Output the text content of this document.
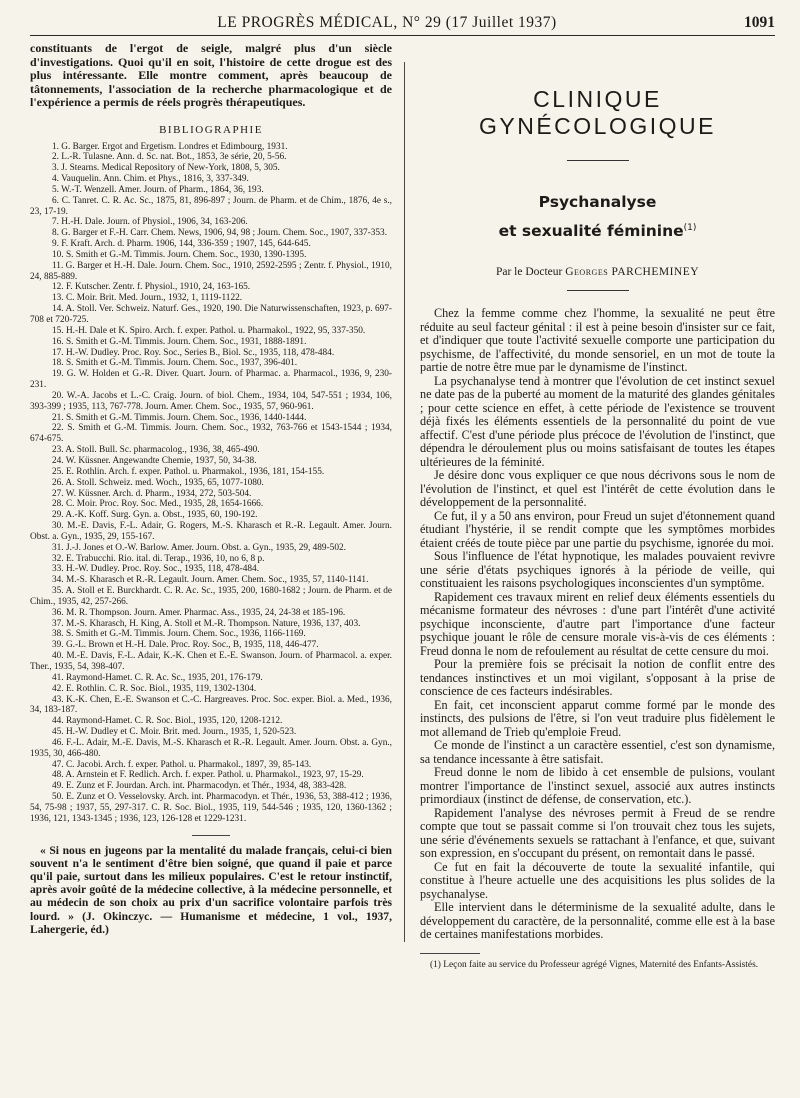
LE PROGRÈS MÉDICAL, N° 29 (17 Juillet 1937)	1091

constituants de l'ergot de seigle, malgré plus d'un siècle d'investigations. Quoi qu'il en soit, l'histoire de cette drogue est des plus intéressante. Elle montre comment, après beaucoup de tâtonnements, l'association de la recherche pharmacologique et de l'expérience a permis de réels progrès thérapeutiques.

BIBLIOGRAPHIE

1. G. Barger. Ergot and Ergetism. Londres et Edimbourg, 1931.

2. L.-R. Tulasne. Ann. d. Sc. nat. Bot., 1853, 3e série, 20, 5-56.

3. J. Stearns. Medical Repository of New-York, 1808, 5, 305.

4. Vauquelin. Ann. Chim. et Phys., 1816, 3, 337-349.

5. W.-T. Wenzell. Amer. Journ. of Pharm., 1864, 36, 193.

6. C. Tanret. C. R. Ac. Sc., 1875, 81, 896-897 ; Journ. de Pharm. et de Chim., 1876, 4e s., 23, 17-19.

7. H.-H. Dale. Journ. of Physiol., 1906, 34, 163-206.

8. G. Barger et F.-H. Carr. Chem. News, 1906, 94, 98 ; Journ. Chem. Soc., 1907, 337-353.

9. F. Kraft. Arch. d. Pharm. 1906, 144, 336-359 ; 1907, 145, 644-645.

10. S. Smith et G.-M. Timmis. Journ. Chem. Soc., 1930, 1390-1395.

11. G. Barger et H.-H. Dale. Journ. Chem. Soc., 1910, 2592-2595 ; Zentr. f. Physiol., 1910, 24, 885-889.

12. F. Kutscher. Zentr. f. Physiol., 1910, 24, 163-165.

13. C. Moir. Brit. Med. Journ., 1932, 1, 1119-1122.

14. A. Stoll. Ver. Schweiz. Naturf. Ges., 1920, 190. Die Naturwissenschaften, 1923, p. 697-708 et 720-725.

15. H.-H. Dale et K. Spiro. Arch. f. exper. Pathol. u. Pharmakol., 1922, 95, 337-350.

16. S. Smith et G.-M. Timmis. Journ. Chem. Soc., 1931, 1888-1891.

17. H.-W. Dudley. Proc. Roy. Soc., Series B., Biol. Sc., 1935, 118, 478-484.

18. S. Smith et G.-M. Timmis. Journ. Chem. Soc., 1937, 396-401.

19. G. W. Holden et G.-R. Diver. Quart. Journ. of Pharmac. a. Pharmacol., 1936, 9, 230-231.

20. W.-A. Jacobs et L.-C. Craig. Journ. of biol. Chem., 1934, 104, 547-551 ; 1934, 106, 393-399 ; 1935, 113, 767-778. Journ. Amer. Chem. Soc., 1935, 57, 960-961.

21. S. Smith et G.-M. Timmis. Journ. Chem. Soc., 1936, 1440-1444.

22. S. Smith et G.-M. Timmis. Journ. Chem. Soc., 1932, 763-766 et 1543-1544 ; 1934, 674-675.

23. A. Stoll. Bull. Sc. pharmacolog., 1936, 38, 465-490.

24. W. Küssner. Angewandte Chemie, 1937, 50, 34-38.

25. E. Rothlin. Arch. f. exper. Pathol. u. Pharmakol., 1936, 181, 154-155.

26. A. Stoll. Schweiz. med. Woch., 1935, 65, 1077-1080.

27. W. Küssner. Arch. d. Pharm., 1934, 272, 503-504.

28. C. Moir. Proc. Roy. Soc. Med., 1935, 28, 1654-1666.

29. A.-K. Koff. Surg. Gyn. a. Obst., 1935, 60, 190-192.

30. M.-E. Davis, F.-L. Adair, G. Rogers, M.-S. Kharasch et R.-R. Legault. Amer. Journ. Obst. a. Gyn., 1935, 29, 155-167.

31. J.-J. Jones et O.-W. Barlow. Amer. Journ. Obst. a. Gyn., 1935, 29, 489-502.

32. E. Trabucchi. Rio. ital. di. Terap., 1936, 10, no 6, 8 p.

33. H.-W. Dudley. Proc. Roy. Soc., 1935, 118, 478-484.

34. M.-S. Kharasch et R.-R. Legault. Journ. Amer. Chem. Soc., 1935, 57, 1140-1141.

35. A. Stoll et E. Burckhardt. C. R. Ac. Sc., 1935, 200, 1680-1682 ; Journ. de Pharm. et de Chim., 1935, 42, 257-266.

36. M. R. Thompson. Journ. Amer. Pharmac. Ass., 1935, 24, 24-38 et 185-196.

37. M.-S. Kharasch, H. King, A. Stoll et M.-R. Thompson. Nature, 1936, 137, 403.

38. S. Smith et G.-M. Timmis. Journ. Chem. Soc., 1936, 1166-1169.

39. G.-L. Brown et H.-H. Dale. Proc. Roy. Soc., B, 1935, 118, 446-477.

40. M.-E. Davis, F.-L. Adair, K.-K. Chen et E.-E. Swanson. Journ. of Pharmacol. a. exper. Ther., 1935, 54, 398-407.

41. Raymond-Hamet. C. R. Ac. Sc., 1935, 201, 176-179.

42. E. Rothlin. C. R. Soc. Biol., 1935, 119, 1302-1304.

43. K.-K. Chen, E.-E. Swanson et C.-C. Hargreaves. Proc. Soc. exper. Biol. a. Med., 1936, 34, 183-187.

44. Raymond-Hamet. C. R. Soc. Biol., 1935, 120, 1208-1212.

45. H.-W. Dudley et C. Moir. Brit. med. Journ., 1935, 1, 520-523.

46. F.-L. Adair, M.-E. Davis, M.-S. Kharasch et R.-R. Legault. Amer. Journ. Obst. a. Gyn., 1935, 30, 466-480.

47. C. Jacobi. Arch. f. exper. Pathol. u. Pharmakol., 1897, 39, 85-143.

48. A. Arnstein et F. Redlich. Arch. f. exper. Pathol. u. Pharmakol., 1923, 97, 15-29.

49. E. Zunz et F. Jourdan. Arch. int. Pharmacodyn. et Thér., 1934, 48, 383-428.

50. E. Zunz et O. Vesselovsky. Arch. int. Pharmacodyn. et Thér., 1936, 53, 388-412 ; 1936, 54, 75-98 ; 1937, 55, 297-317. C. R. Soc. Biol., 1935, 119, 544-546 ; 1935, 120, 1360-1362 ; 1936, 121, 1343-1345 ; 1936, 123, 126-128 et 1229-1231.

« Si nous en jugeons par la mentalité du malade français, celui-ci bien souvent n'a le sentiment d'être bien soigné, que quand il paie et parce qu'il paie, surtout dans les milieux populaires. C'est le retour instinctif, après avoir goûté de la médecine collective, à la médecine personnelle, et au médecin de son choix au prix d'un sacrifice volontaire parfois très lourd. » (J. Okinczyc. — Humanisme et médecine, 1 vol., 1937, Lahergerie, éd.)

CLINIQUE GYNÉCOLOGIQUE
Psychanalyse
et sexualité féminine$^{(1)}$
Par le Docteur Georges PARCHEMINEY

Chez la femme comme chez l'homme, la sexualité ne peut être réduite au seul facteur génital : il est à peine besoin d'insister sur ce fait, et d'indiquer que toute l'activité sexuelle comporte une participation du psychisme, de l'affectivité, du monde sensoriel, en un mot de toute la partie de notre être mue par le dynamisme de l'instinct.

La psychanalyse tend à montrer que l'évolution de cet instinct sexuel ne date pas de la puberté au moment de la maturité des glandes génitales ; pour cette science en effet, à cette période de l'existence se trouvent déjà fixés les éléments essentiels de la personnalité du point de vue affectif. C'est d'une période plus précoce de l'évolution de l'instinct, que dépendra le déroulement plus ou moins satisfaisant de toutes les étapes ultérieures de la féminité.

Je désire donc vous expliquer ce que nous décrivons sous le nom de l'évolution de l'instinct, et quel est l'intérêt de cette évolution dans le développement de la personnalité.

Ce fut, il y a 50 ans environ, pour Freud un sujet d'étonnement quand étudiant l'hystérie, il se rendit compte que les symptômes morbides étaient créés de toute pièce par une partie du psychisme, ignorée du moi.

Sous l'influence de l'état hypnotique, les malades pouvaient revivre une série d'états psychiques ignorés à la période de veille, qui constituaient les raisons psychologiques inconscientes d'un symptôme.

Rapidement ces travaux mirent en relief deux éléments essentiels du mécanisme formateur des névroses : d'une part l'intérêt d'une activité psychique inconsciente, d'autre part l'importance d'une facteur psychique jouant le rôle de censure morale vis-à-vis de ces éléments : Freud donna le nom de refoulement au résultat de cette censure du moi.

Pour la première fois se précisait la notion de conflit entre des tendances instinctives et un moi vigilant, s'opposant à la prise de conscience de ces facteurs indésirables.

En fait, cet inconscient apparut comme formé par le monde des instincts, des pulsions de l'être, si l'on veut traduire plus fidèlement le mot allemand de Trieb qu'emploie Freud.

Ce monde de l'instinct a un caractère essentiel, c'est son dynamisme, sa tendance incessante à être satisfait.

Freud donne le nom de libido à cet ensemble de pulsions, voulant montrer l'importance de l'instinct sexuel, associé aux autres instincts primordiaux (instinct de défense, de conservation, etc.).

Rapidement l'analyse des névroses permit à Freud de se rendre compte que tout se passait comme si l'on trouvait chez tous les sujets, une série d'événements sexuels se rattachant à l'enfance, et que, suivant son expression, en s'occupant du présent, on remontait dans le passé.

Ce fut en fait la découverte de toute la sexualité infantile, qui constitue à l'heure actuelle une des acquisitions les plus solides de la psychanalyse.

Elle intervient dans le déterminisme de la sexualité adulte, dans le développement du caractère, de la personnalité, comme elle est à la base de certaines manifestations morbides.

(1) Leçon faite au service du Professeur agrégé Vignes, Maternité des Enfants-Assistés.
